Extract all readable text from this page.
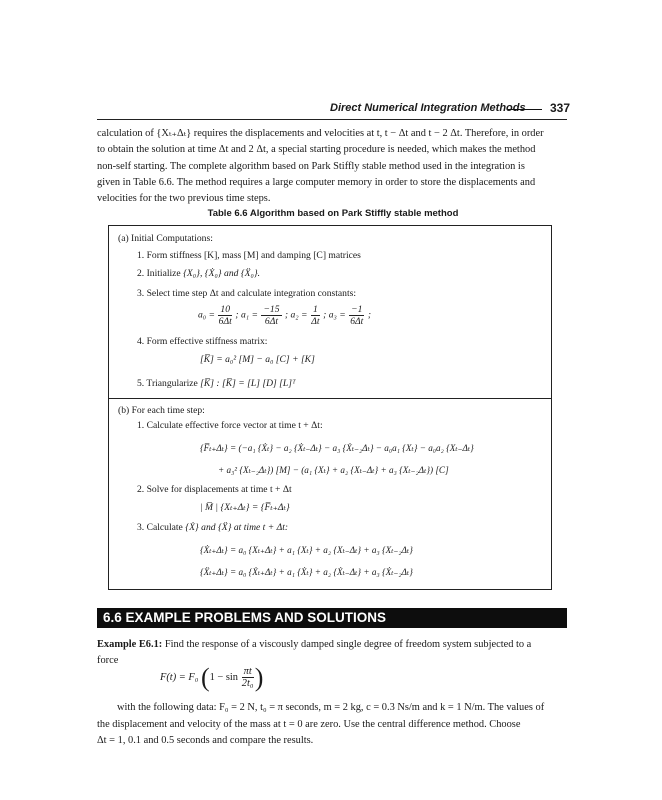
Direct Numerical Integration Methods 337
calculation of {Xₜ₊Δₜ} requires the displacements and velocities at t, t − Δt and t − 2 Δt. Therefore, in order
to obtain the solution at time Δt and 2 Δt, a special starting procedure is needed, which makes the method
non-self starting. The complete algorithm based on Park Stiffly stable method used in the integration is
given in Table 6.6. The method requires a large computer memory in order to store the displacements and
velocities for the two previous time steps.
Table 6.6 Algorithm based on Park Stiffly stable method
(a) Initial Computations:
1. Form stiffness [K], mass [M] and damping [C] matrices
2. Initialize {X₀}, {Ẋ₀} and {Ẍ₀}.
3. Select time step Δt and calculate integration constants:
$a_0 = \frac{10}{6\Delta t}$ ; $a_1 = \frac{-15}{6\Delta t}$ ; $a_2 = \frac{1}{\Delta t}$ ; $a_3 = \frac{-1}{6\Delta t}$ ;
4. Form effective stiffness matrix:
[K̅] = a₀² [M] − a₀ [C] + [K]
5. Triangularize [K̅] : [K̅] = [L] [D] [L]ᵀ
(b) For each time step:
1. Calculate effective force vector at time t + Δt:
{F̅ₜ₊Δₜ} = (−a₁ {Ẋₜ} − a₂ {Ẋₜ₋Δₜ} − a₃ {Ẋₜ₋₂Δₜ} − a₀a₁ {Xₜ} − a₀a₂ {Xₜ₋Δₜ}
+ a₃² {Xₜ₋₂Δₜ}) [M] − (a₁ {Xₜ} + a₂ {Xₜ₋Δₜ} + a₃ {Xₜ₋₂Δₜ}) [C]
2. Solve for displacements at time t + Δt
| M̅ | {Xₜ₊Δₜ} = {F̅ₜ₊Δₜ}
3. Calculate {Ẋ} and {Ẍ} at time t + Δt:
{Ẋₜ₊Δₜ} = a₀ {Xₜ₊Δₜ} + a₁ {Xₜ} + a₂ {Xₜ₋Δₜ} + a₃ {Xₜ₋₂Δₜ}
{Ẍₜ₊Δₜ} = a₀ {Ẋₜ₊Δₜ} + a₁ {Ẋₜ} + a₂ {Ẋₜ₋Δₜ} + a₃ {Ẋₜ₋₂Δₜ}
6.6 EXAMPLE PROBLEMS AND SOLUTIONS
Example E6.1: Find the response of a viscously damped single degree of freedom system subjected to a
force
F(t) = F₀ ($1 - \sin \frac{\pi t}{\text{2t₀}}$ )
with the following data: F₀ = 2 N, t₀ = π seconds, m = 2 kg, c = 0.3 Ns/m and k = 1 N/m. The values of
the displacement and velocity of the mass at t = 0 are zero. Use the central difference method. Choose
Δt = 1, 0.1 and 0.5 seconds and compare the results.
